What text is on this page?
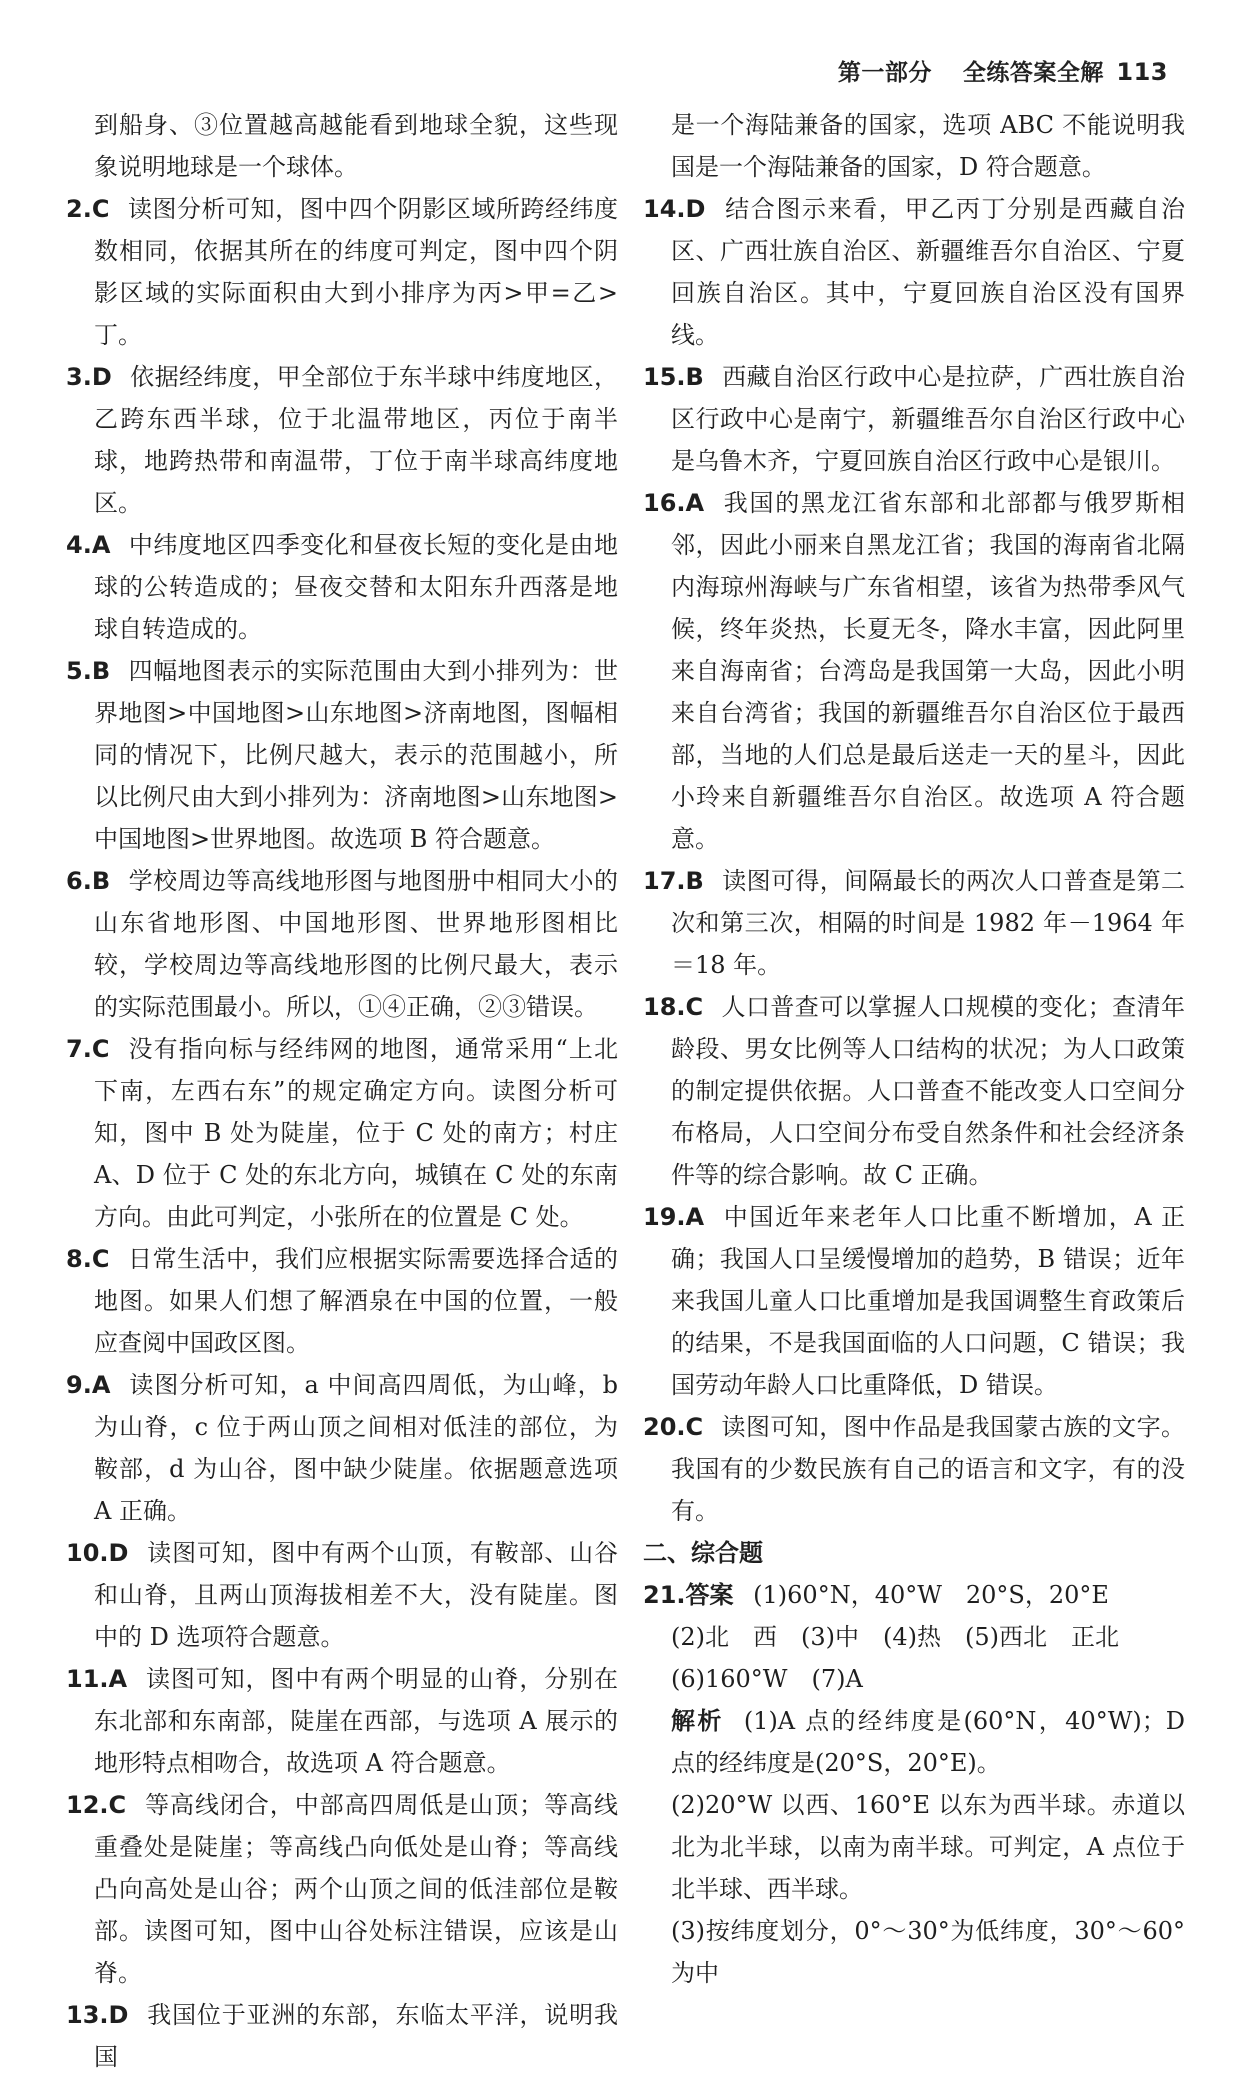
第一部分 全练答案全解 113
到船身、③位置越高越能看到地球全貌，这些现象说明地球是一个球体。
2.C 读图分析可知，图中四个阴影区域所跨经纬度数相同，依据其所在的纬度可判定，图中四个阴影区域的实际面积由大到小排序为丙>甲=乙>丁。
3.D 依据经纬度，甲全部位于东半球中纬度地区，乙跨东西半球，位于北温带地区，丙位于南半球，地跨热带和南温带，丁位于南半球高纬度地区。
4.A 中纬度地区四季变化和昼夜长短的变化是由地球的公转造成的；昼夜交替和太阳东升西落是地球自转造成的。
5.B 四幅地图表示的实际范围由大到小排列为：世界地图>中国地图>山东地图>济南地图，图幅相同的情况下，比例尺越大，表示的范围越小，所以比例尺由大到小排列为：济南地图>山东地图>中国地图>世界地图。故选项 B 符合题意。
6.B 学校周边等高线地形图与地图册中相同大小的山东省地形图、中国地形图、世界地形图相比较，学校周边等高线地形图的比例尺最大，表示的实际范围最小。所以，①④正确，②③错误。
7.C 没有指向标与经纬网的地图，通常采用“上北下南，左西右东”的规定确定方向。读图分析可知，图中 B 处为陡崖，位于 C 处的南方；村庄 A、D 位于 C 处的东北方向，城镇在 C 处的东南方向。由此可判定，小张所在的位置是 C 处。
8.C 日常生活中，我们应根据实际需要选择合适的地图。如果人们想了解酒泉在中国的位置，一般应查阅中国政区图。
9.A 读图分析可知，a 中间高四周低，为山峰，b 为山脊，c 位于两山顶之间相对低洼的部位，为鞍部，d 为山谷，图中缺少陡崖。依据题意选项 A 正确。
10.D 读图可知，图中有两个山顶，有鞍部、山谷和山脊，且两山顶海拔相差不大，没有陡崖。图中的 D 选项符合题意。
11.A 读图可知，图中有两个明显的山脊，分别在东北部和东南部，陡崖在西部，与选项 A 展示的地形特点相吻合，故选项 A 符合题意。
12.C 等高线闭合，中部高四周低是山顶；等高线重叠处是陡崖；等高线凸向低处是山脊；等高线凸向高处是山谷；两个山顶之间的低洼部位是鞍部。读图可知，图中山谷处标注错误，应该是山脊。
13.D 我国位于亚洲的东部，东临太平洋，说明我国
是一个海陆兼备的国家，选项 ABC 不能说明我国是一个海陆兼备的国家，D 符合题意。
14.D 结合图示来看，甲乙丙丁分别是西藏自治区、广西壮族自治区、新疆维吾尔自治区、宁夏回族自治区。其中，宁夏回族自治区没有国界线。
15.B 西藏自治区行政中心是拉萨，广西壮族自治区行政中心是南宁，新疆维吾尔自治区行政中心是乌鲁木齐，宁夏回族自治区行政中心是银川。
16.A 我国的黑龙江省东部和北部都与俄罗斯相邻，因此小丽来自黑龙江省；我国的海南省北隔内海琼州海峡与广东省相望，该省为热带季风气候，终年炎热，长夏无冬，降水丰富，因此阿里来自海南省；台湾岛是我国第一大岛，因此小明来自台湾省；我国的新疆维吾尔自治区位于最西部，当地的人们总是最后送走一天的星斗，因此小玲来自新疆维吾尔自治区。故选项 A 符合题意。
17.B 读图可得，间隔最长的两次人口普查是第二次和第三次，相隔的时间是 1982 年－1964 年＝18 年。
18.C 人口普查可以掌握人口规模的变化；查清年龄段、男女比例等人口结构的状况；为人口政策的制定提供依据。人口普查不能改变人口空间分布格局，人口空间分布受自然条件和社会经济条件等的综合影响。故 C 正确。
19.A 中国近年来老年人口比重不断增加，A 正确；我国人口呈缓慢增加的趋势，B 错误；近年来我国儿童人口比重增加是我国调整生育政策后的结果，不是我国面临的人口问题，C 错误；我国劳动年龄人口比重降低，D 错误。
20.C 读图可知，图中作品是我国蒙古族的文字。我国有的少数民族有自己的语言和文字，有的没有。
二、综合题
21.答案 (1)60°N，40°W　20°S，20°E
(2)北　西　(3)中　(4)热　(5)西北　正北
(6)160°W　(7)A
解析 (1)A 点的经纬度是(60°N，40°W)；D 点的经纬度是(20°S，20°E)。
(2)20°W 以西、160°E 以东为西半球。赤道以北为北半球，以南为南半球。可判定，A 点位于北半球、西半球。
(3)按纬度划分，0°～30°为低纬度，30°～60°为中
